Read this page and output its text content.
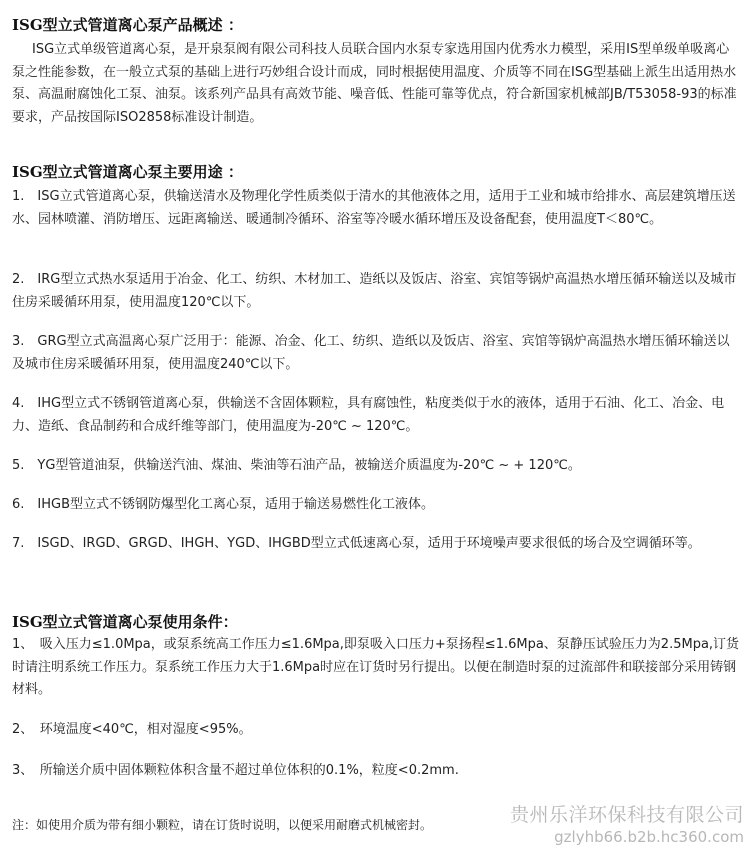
ISG型立式管道离心泵产品概述 ：

ISG立式单级管道离心泵，是开泉泵阀有限公司科技人员联合国内水泵专家选用国内优秀水力模型，采用IS型单级单吸离心泵之性能参数，在一般立式泵的基础上进行巧妙组合设计而成，同时根据使用温度、介质等不同在ISG型基础上派生出适用热水泵、高温耐腐蚀化工泵、油泵。该系列产品具有高效节能、噪音低、性能可靠等优点，符合新国家机械部JB/T53058-93的标准要求，产品按国际ISO2858标准设计制造。

ISG型立式管道离心泵主要用途 ：

1.　ISG立式管道离心泵，供输送清水及物理化学性质类似于清水的其他液体之用，适用于工业和城市给排水、高层建筑增压送水、园林喷灌、消防增压、远距离输送、暖通制冷循环、浴室等冷暖水循环增压及设备配套，使用温度T＜80℃。

2.　IRG型立式热水泵适用于冶金、化工、纺织、木材加工、造纸以及饭店、浴室、宾馆等锅炉高温热水增压循环输送以及城市住房采暖循环用泵，使用温度120℃以下。

3.　GRG型立式高温离心泵广泛用于：能源、冶金、化工、纺织、造纸以及饭店、浴室、宾馆等锅炉高温热水增压循环输送以及城市住房采暖循环用泵，使用温度240℃以下。

4.　IHG型立式不锈钢管道离心泵，供输送不含固体颗粒，具有腐蚀性，粘度类似于水的液体，适用于石油、化工、冶金、电力、造纸、食品制药和合成纤维等部门，使用温度为-20℃ ~ 120℃。

5.　YG型管道油泵，供输送汽油、煤油、柴油等石油产品，被输送介质温度为-20℃ ~ + 120℃。

6.　IHGB型立式不锈钢防爆型化工离心泵，适用于输送易燃性化工液体。

7.　ISGD、IRGD、GRGD、IHGH、YGD、IHGBD型立式低速离心泵，适用于环境噪声要求很低的场合及空调循环等。

ISG型立式管道离心泵使用条件：

1、　吸入压力≤1.0Mpa，或泵系统高工作压力≤1.6Mpa,即泵吸入口压力+泵扬程≤1.6Mpa、泵静压试验压力为2.5Mpa,订货时请注明系统工作压力。泵系统工作压力大于1.6Mpa时应在订货时另行提出。以便在制造时泵的过流部件和联接部分采用铸钢材料。

2、　环境温度<40℃，相对湿度<95%。

3、　所输送介质中固体颗粒体积含量不超过单位体积的0.1%，粒度<0.2mm.

注：如使用介质为带有细小颗粒，请在订货时说明，以便采用耐磨式机械密封。	贵州乐洋环保科技有限公司
gzlyhb66.b2b.hc360.com
